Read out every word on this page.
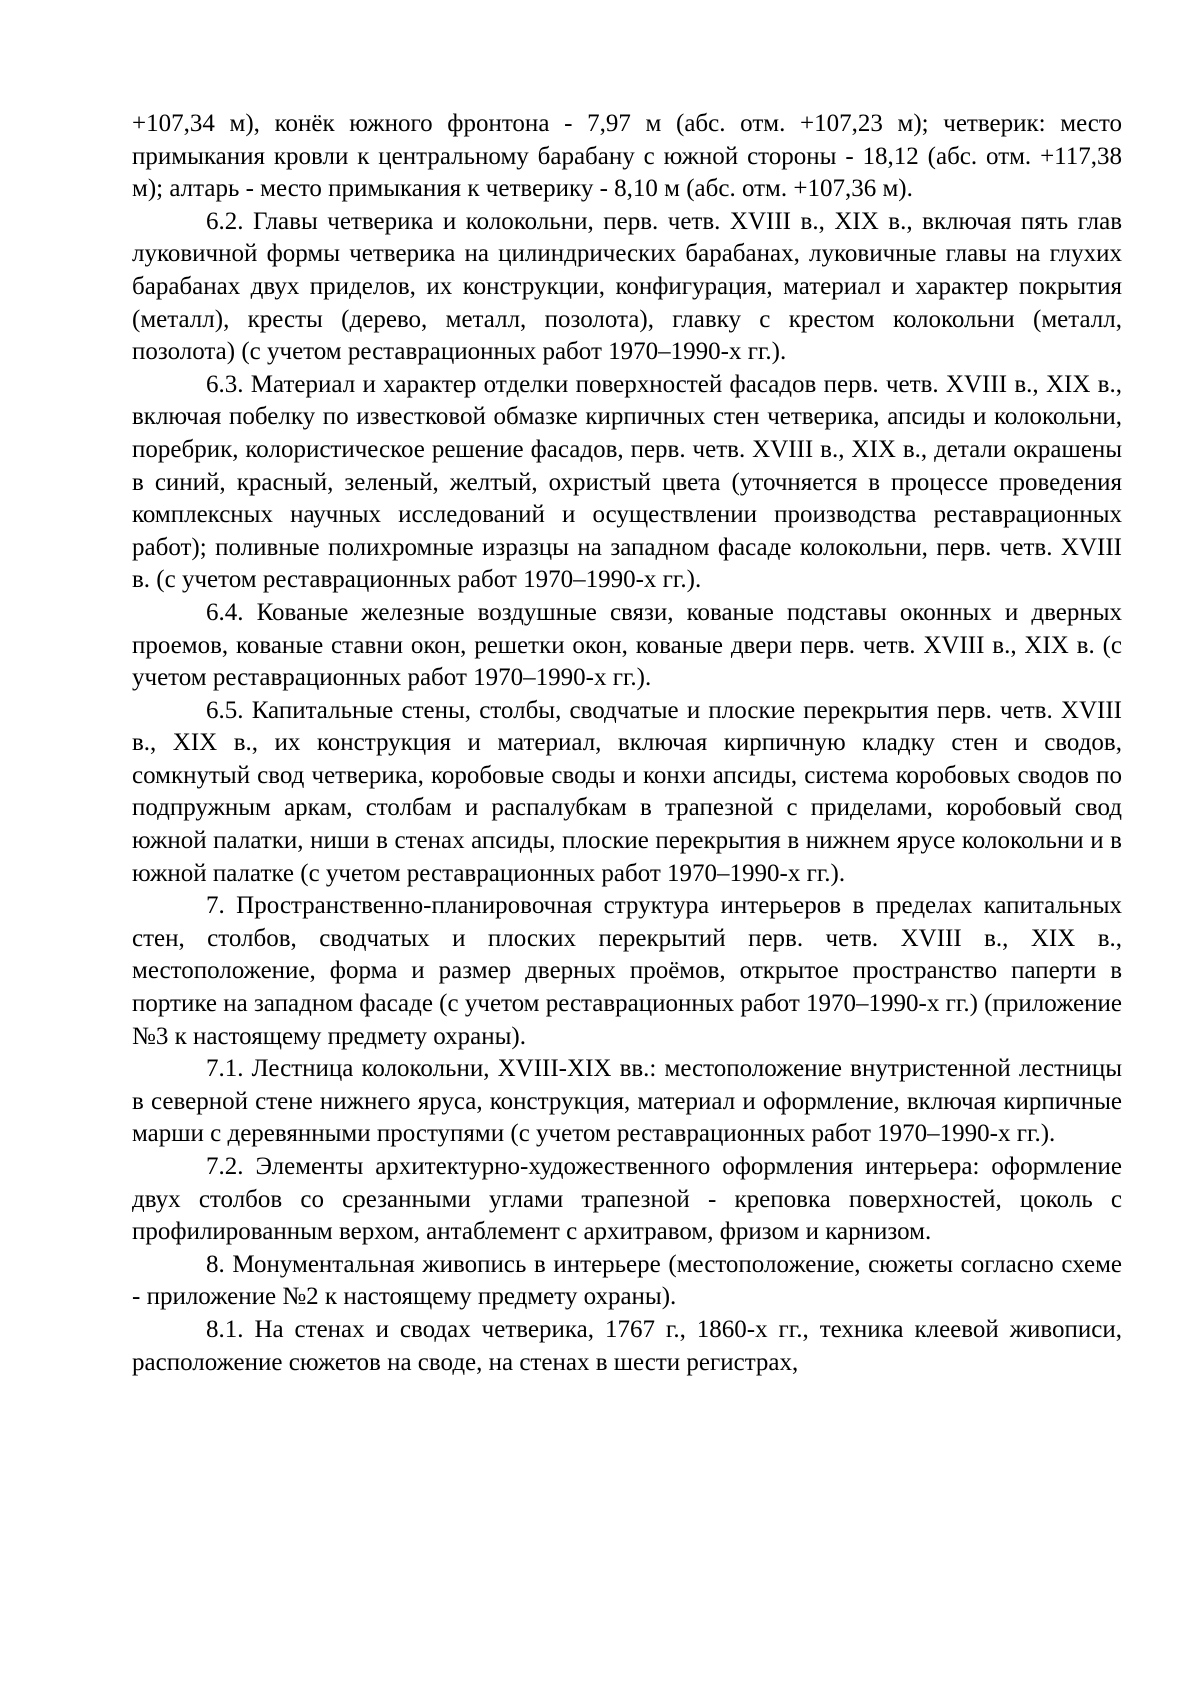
+107,34 м), конёк южного фронтона - 7,97 м (абс. отм. +107,23 м); четверик: место примыкания кровли к центральному барабану с южной стороны - 18,12 (абс. отм. +117,38 м); алтарь - место примыкания к четверику - 8,10 м (абс. отм. +107,36 м).

6.2. Главы четверика и колокольни, перв. четв. XVIII в., XIX в., включая пять глав луковичной формы четверика на цилиндрических барабанах, луковичные главы на глухих барабанах двух приделов, их конструкции, конфигурация, материал и характер покрытия (металл), кресты (дерево, металл, позолота), главку с крестом колокольни (металл, позолота) (с учетом реставрационных работ 1970–1990-х гг.).

6.3. Материал и характер отделки поверхностей фасадов перв. четв. XVIII в., XIX в., включая побелку по известковой обмазке кирпичных стен четверика, апсиды и колокольни, поребрик, колористическое решение фасадов, перв. четв. XVIII в., XIX в., детали окрашены в синий, красный, зеленый, желтый, охристый цвета (уточняется в процессе проведения комплексных научных исследований и осуществлении производства реставрационных работ); поливные полихромные изразцы на западном фасаде колокольни, перв. четв. XVIII в. (с учетом реставрационных работ 1970–1990-х гг.).

6.4. Кованые железные воздушные связи, кованые подставы оконных и дверных проемов, кованые ставни окон, решетки окон, кованые двери перв. четв. XVIII в., XIX в. (с учетом реставрационных работ 1970–1990-х гг.).

6.5. Капитальные стены, столбы, сводчатые и плоские перекрытия перв. четв. XVIII в., XIX в., их конструкция и материал, включая кирпичную кладку стен и сводов, сомкнутый свод четверика, коробовые своды и конхи апсиды, система коробовых сводов по подпружным аркам, столбам и распалубкам в трапезной с приделами, коробовый свод южной палатки, ниши в стенах апсиды, плоские перекрытия в нижнем ярусе колокольни и в южной палатке (с учетом реставрационных работ 1970–1990-х гг.).

7. Пространственно-планировочная структура интерьеров в пределах капитальных стен, столбов, сводчатых и плоских перекрытий перв. четв. XVIII в., XIX в., местоположение, форма и размер дверных проёмов, открытое пространство паперти в портике на западном фасаде (с учетом реставрационных работ 1970–1990-х гг.) (приложение №3 к настоящему предмету охраны).

7.1. Лестница колокольни, XVIII-XIX вв.: местоположение внутристенной лестницы в северной стене нижнего яруса, конструкция, материал и оформление, включая кирпичные марши с деревянными проступями (с учетом реставрационных работ 1970–1990-х гг.).

7.2. Элементы архитектурно-художественного оформления интерьера: оформление двух столбов со срезанными углами трапезной - креповка поверхностей, цоколь с профилированным верхом, антаблемент с архитравом, фризом и карнизом.

8. Монументальная живопись в интерьере (местоположение, сюжеты согласно схеме - приложение №2 к настоящему предмету охраны).

8.1. На стенах и сводах четверика, 1767 г., 1860-х гг., техника клеевой живописи, расположение сюжетов на своде, на стенах в шести регистрах,
